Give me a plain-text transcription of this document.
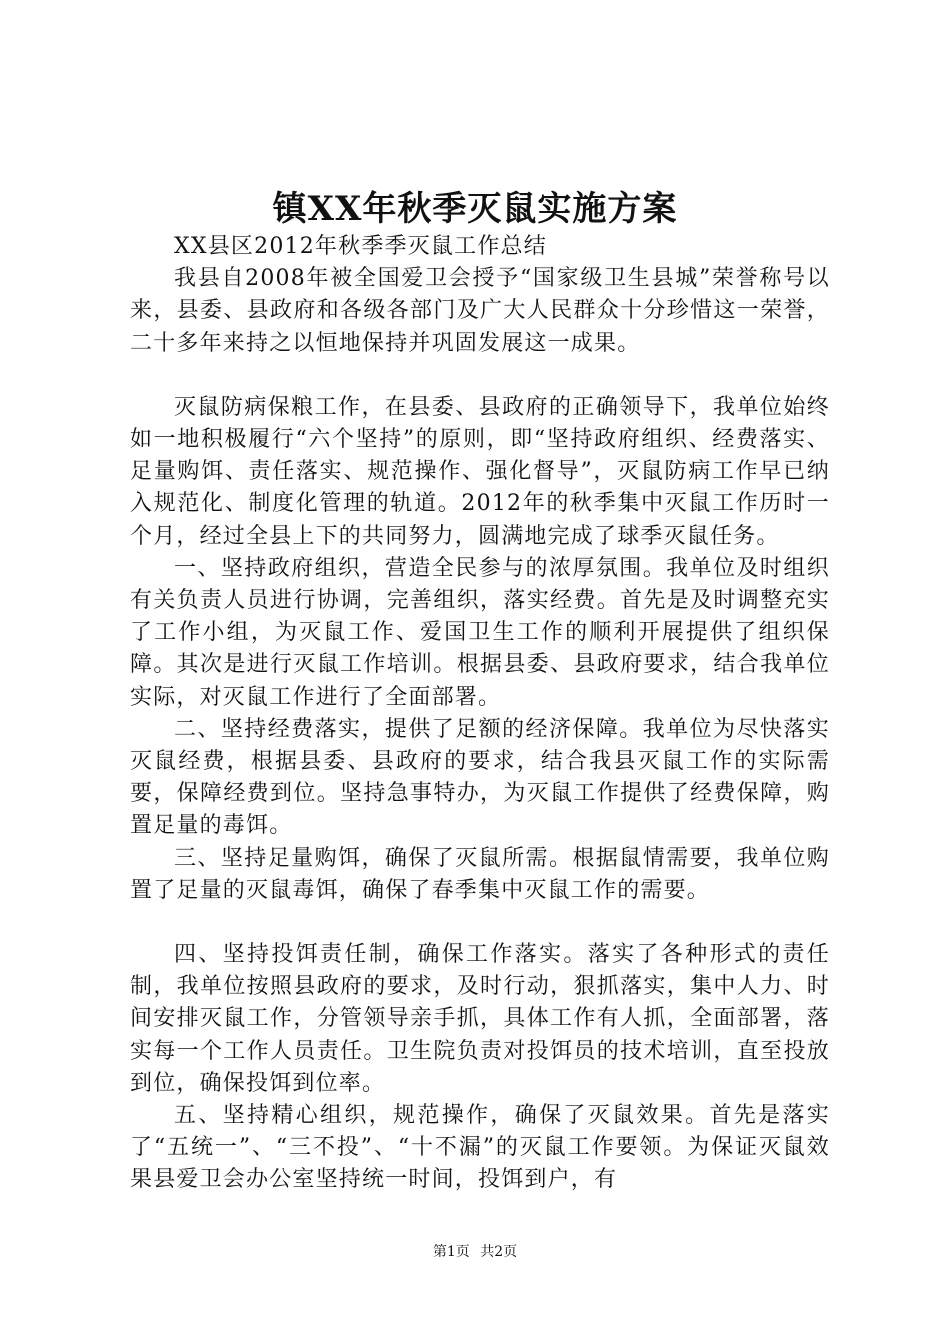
镇XX年秋季灭鼠实施方案

XX县区2012年秋季季灭鼠工作总结

我县自2008年被全国爱卫会授予“国家级卫生县城”荣誉称号以来，县委、县政府和各级各部门及广大人民群众十分珍惜这一荣誉，二十多年来持之以恒地保持并巩固发展这一成果。

灭鼠防病保粮工作，在县委、县政府的正确领导下，我单位始终如一地积极履行“六个坚持”的原则，即“坚持政府组织、经费落实、足量购饵、责任落实、规范操作、强化督导”，灭鼠防病工作早已纳入规范化、制度化管理的轨道。2012年的秋季集中灭鼠工作历时一个月，经过全县上下的共同努力，圆满地完成了球季灭鼠任务。

一、坚持政府组织，营造全民参与的浓厚氛围。我单位及时组织有关负责人员进行协调，完善组织，落实经费。首先是及时调整充实了工作小组，为灭鼠工作、爱国卫生工作的顺利开展提供了组织保障。其次是进行灭鼠工作培训。根据县委、县政府要求，结合我单位实际，对灭鼠工作进行了全面部署。

二、坚持经费落实，提供了足额的经济保障。我单位为尽快落实灭鼠经费，根据县委、县政府的要求，结合我县灭鼠工作的实际需要，保障经费到位。坚持急事特办，为灭鼠工作提供了经费保障，购置足量的毒饵。

三、坚持足量购饵，确保了灭鼠所需。根据鼠情需要，我单位购置了足量的灭鼠毒饵，确保了春季集中灭鼠工作的需要。

四、坚持投饵责任制，确保工作落实。落实了各种形式的责任制，我单位按照县政府的要求，及时行动，狠抓落实，集中人力、时间安排灭鼠工作，分管领导亲手抓，具体工作有人抓，全面部署，落实每一个工作人员责任。卫生院负责对投饵员的技术培训，直至投放到位，确保投饵到位率。

五、坚持精心组织，规范操作，确保了灭鼠效果。首先是落实了“五统一”、“三不投”、“十不漏”的灭鼠工作要领。为保证灭鼠效果县爱卫会办公室坚持统一时间，投饵到户，有

第1页 共2页
